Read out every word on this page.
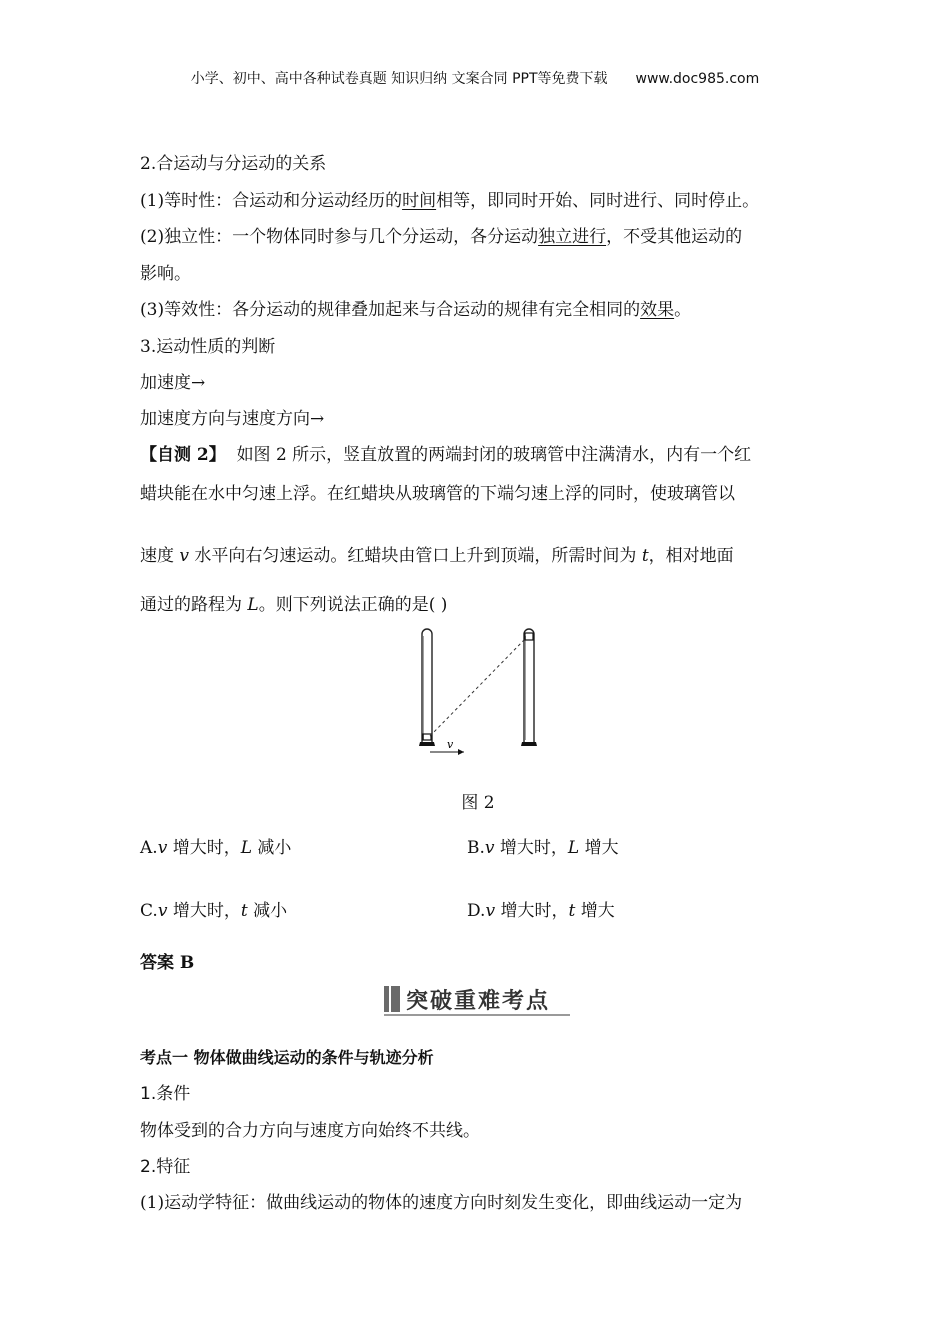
小学、初中、高中各种试卷真题 知识归纳 文案合同 PPT等免费下载 www.doc985.com
2.合运动与分运动的关系
(1)等时性：合运动和分运动经历的时间相等，即同时开始、同时进行、同时停止。
(2)独立性：一个物体同时参与几个分运动，各分运动独立进行，不受其他运动的
影响。
(3)等效性：各分运动的规律叠加起来与合运动的规律有完全相同的效果。
3.运动性质的判断
加速度→
加速度方向与速度方向→
【自测 2】 如图 2 所示，竖直放置的两端封闭的玻璃管中注满清水，内有一个红
蜡块能在水中匀速上浮。在红蜡块从玻璃管的下端匀速上浮的同时，使玻璃管以
速度 v 水平向右匀速运动。红蜡块由管口上升到顶端，所需时间为 t，相对地面
通过的路程为 L。则下列说法正确的是( )
v
图 2
A.v 增大时，L 减小	B.v 增大时，L 增大
C.v 增大时，t 减小	D.v 增大时，t 增大
答案 B
突破重难考点
考点一 物体做曲线运动的条件与轨迹分析
1.条件
物体受到的合力方向与速度方向始终不共线。
2.特征
(1)运动学特征：做曲线运动的物体的速度方向时刻发生变化，即曲线运动一定为
